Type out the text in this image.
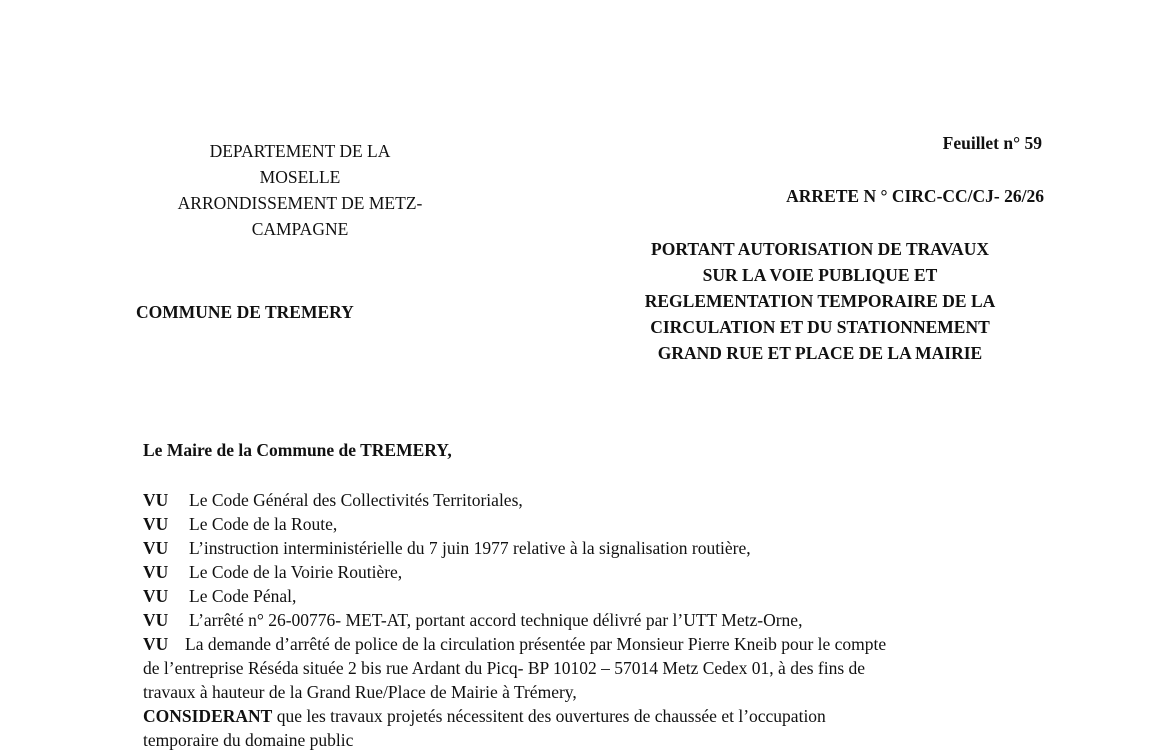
DEPARTEMENT DE LA
MOSELLE
ARRONDISSEMENT DE METZ-
CAMPAGNE
Feuillet n° 59
ARRETE N ° CIRC-CC/CJ- 26/26
PORTANT AUTORISATION DE TRAVAUX
SUR LA VOIE PUBLIQUE ET
REGLEMENTATION TEMPORAIRE DE LA
CIRCULATION ET DU STATIONNEMENT
GRAND RUE ET PLACE DE LA MAIRIE
COMMUNE DE TREMERY
Le Maire de la Commune de TREMERY,
VU Le Code Général des Collectivités Territoriales,
VU Le Code de la Route,
VU L’instruction interministérielle du 7 juin 1977 relative à la signalisation routière,
VU Le Code de la Voirie Routière,
VU Le Code Pénal,
VU L’arrêté n° 26-00776- MET-AT, portant accord technique délivré par l’UTT Metz-Orne,
VU La demande d’arrêté de police de la circulation présentée par Monsieur Pierre Kneib pour le compte
de l’entreprise Réséda située 2 bis rue Ardant du Picq- BP 10102 – 57014 Metz Cedex 01, à des fins de
travaux à hauteur de la Grand Rue/Place de Mairie à Trémery,
CONSIDERANT que les travaux projetés nécessitent des ouvertures de chaussée et l’occupation
temporaire du domaine public
